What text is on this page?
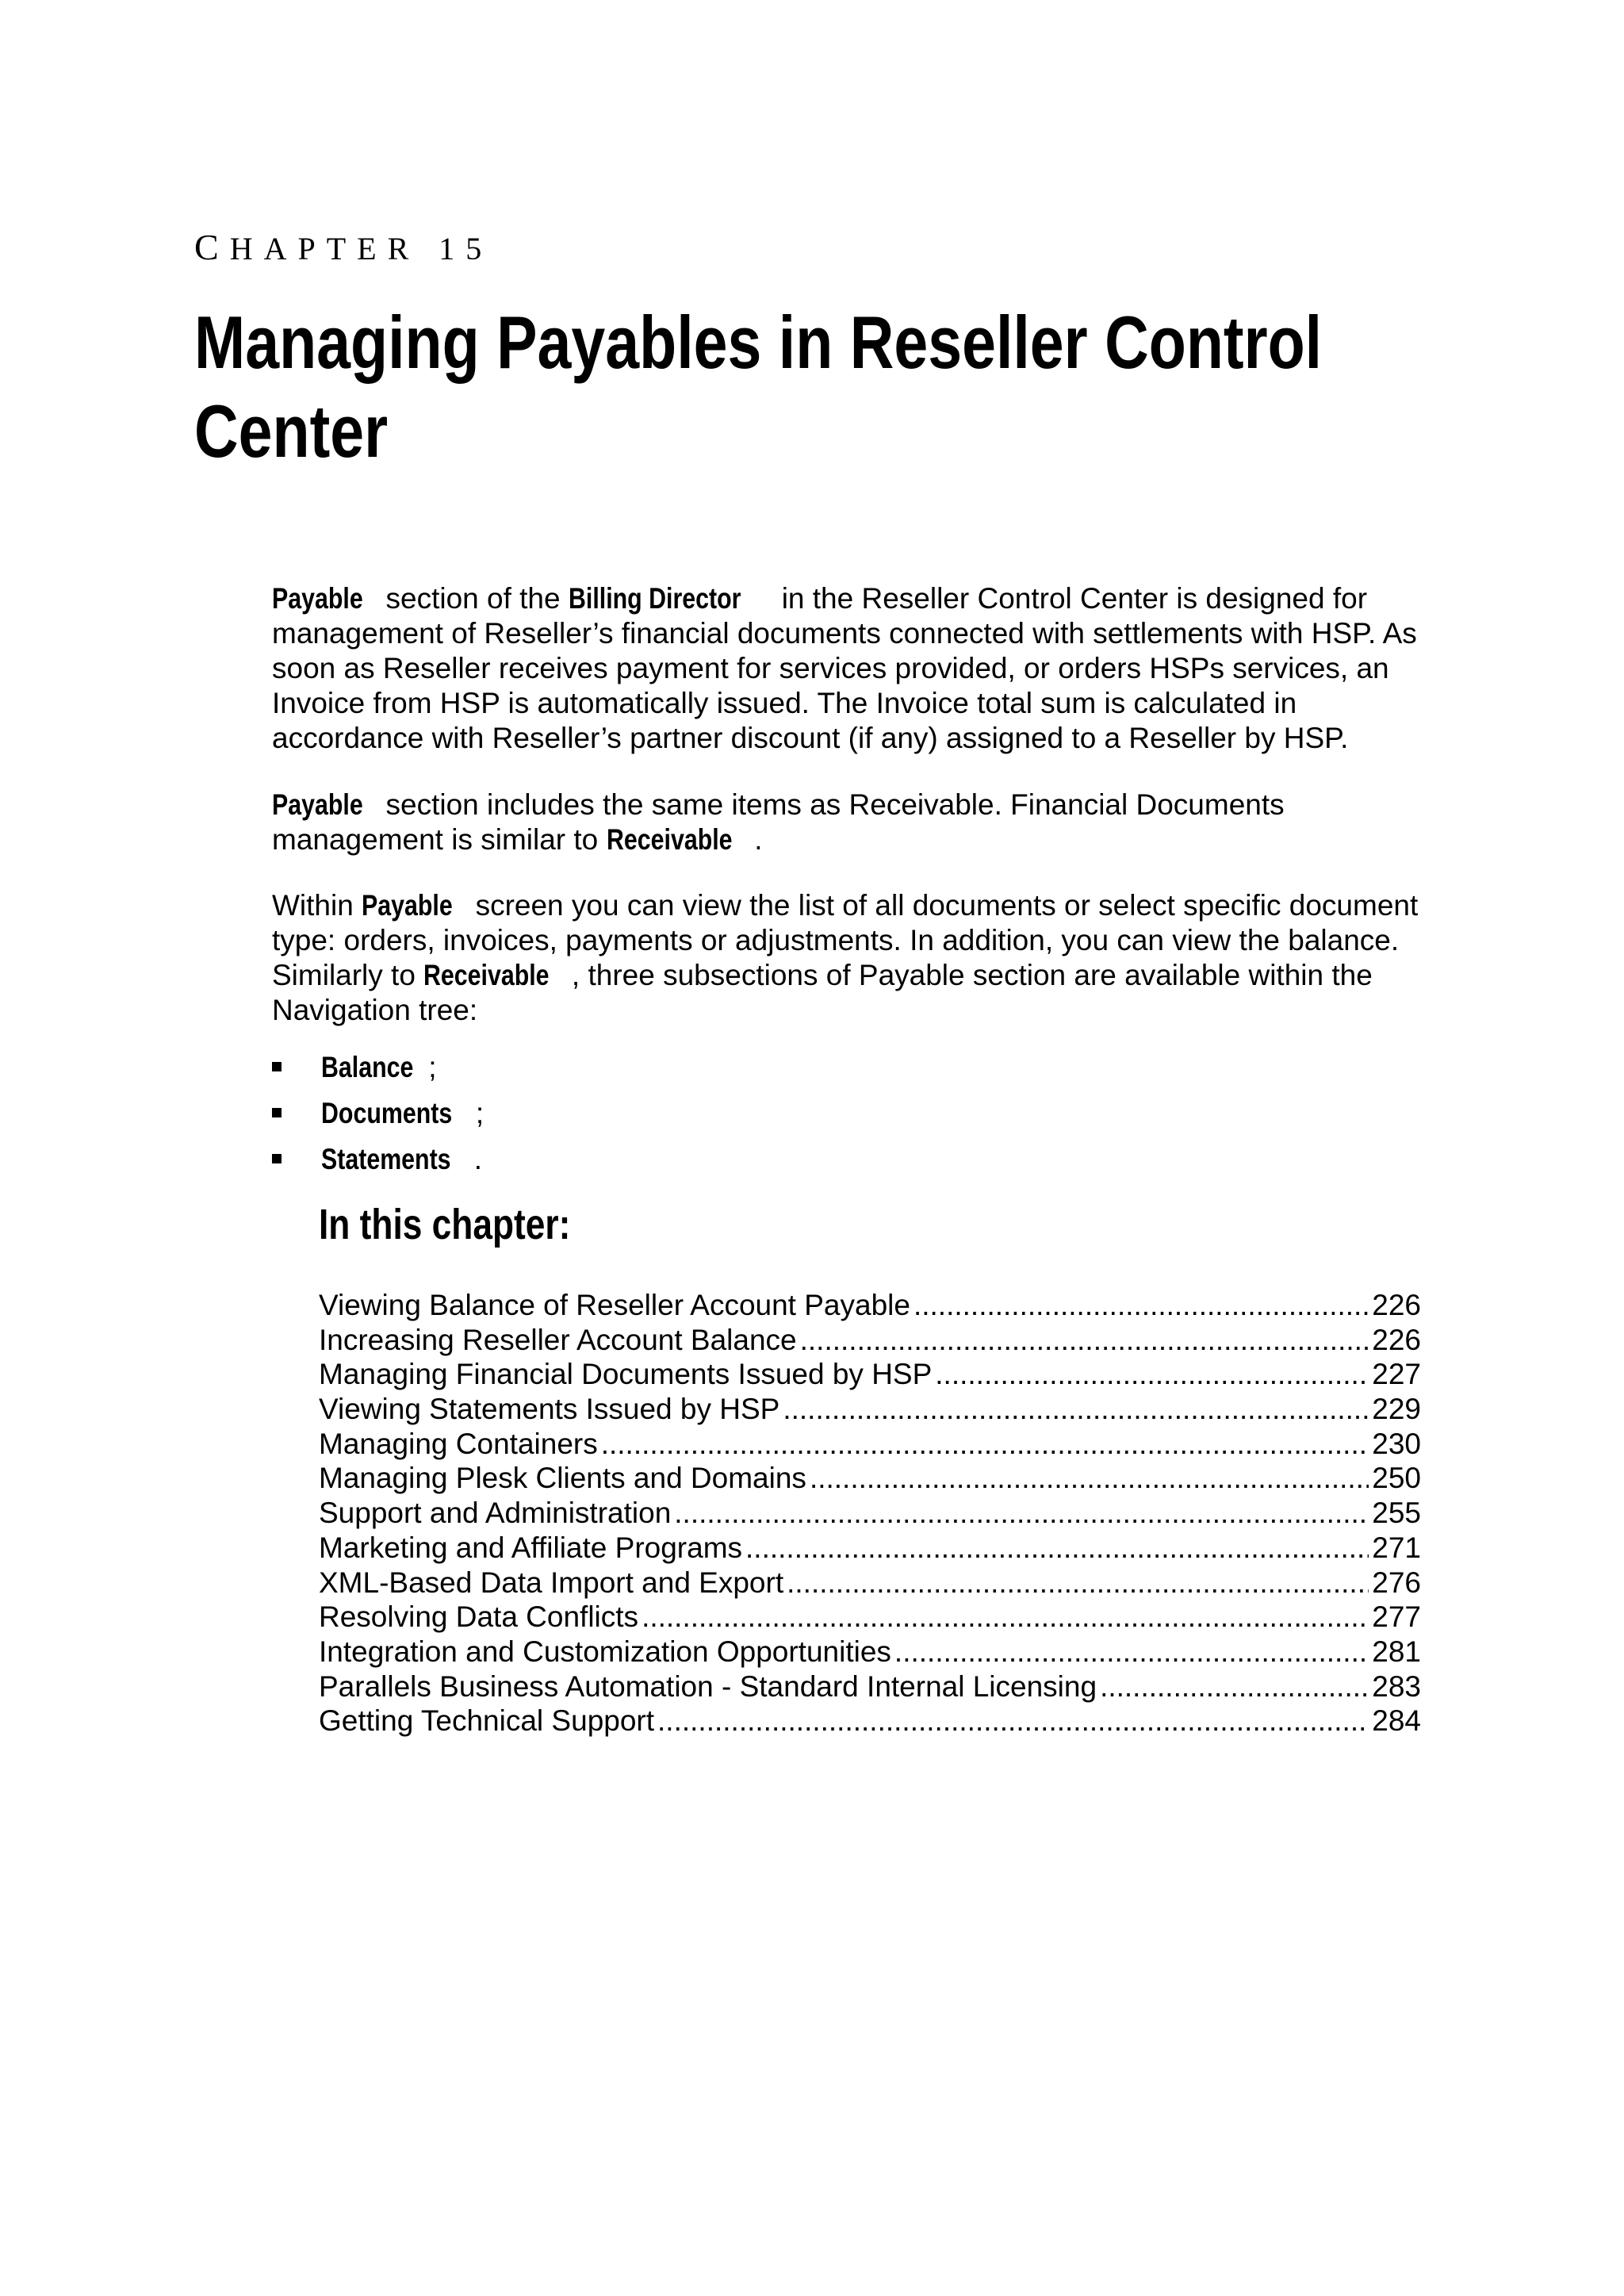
CHAPTER 15
Managing Payables in Reseller Control Center

Payable section of the Billing Director in the Reseller Control Center is designed for management of Reseller’s financial documents connected with settlements with HSP. As soon as Reseller receives payment for services provided, or orders HSPs services, an Invoice from HSP is automatically issued. The Invoice total sum is calculated in accordance with Reseller’s partner discount (if any) assigned to a Reseller by HSP.

Payable section includes the same items as Receivable. Financial Documents management is similar to Receivable .

Within Payable screen you can view the list of all documents or select specific document type: orders, invoices, payments or adjustments. In addition, you can view the balance. Similarly to Receivable , three subsections of Payable section are available within the Navigation tree:

Balance ;
Documents ;
Statements .
In this chapter:
Viewing Balance of Reseller Account Payable .....	226
Increasing Reseller Account Balance .....	226
Managing Financial Documents Issued by HSP .....	227
Viewing Statements Issued by HSP .....	229
Managing Containers .....	230
Managing Plesk Clients and Domains .....	250
Support and Administration .....	255
Marketing and Affiliate Programs .....	271
XML-Based Data Import and Export .....	276
Resolving Data Conflicts .....	277
Integration and Customization Opportunities .....	281
Parallels Business Automation - Standard Internal Licensing .....	283
Getting Technical Support .....	284
